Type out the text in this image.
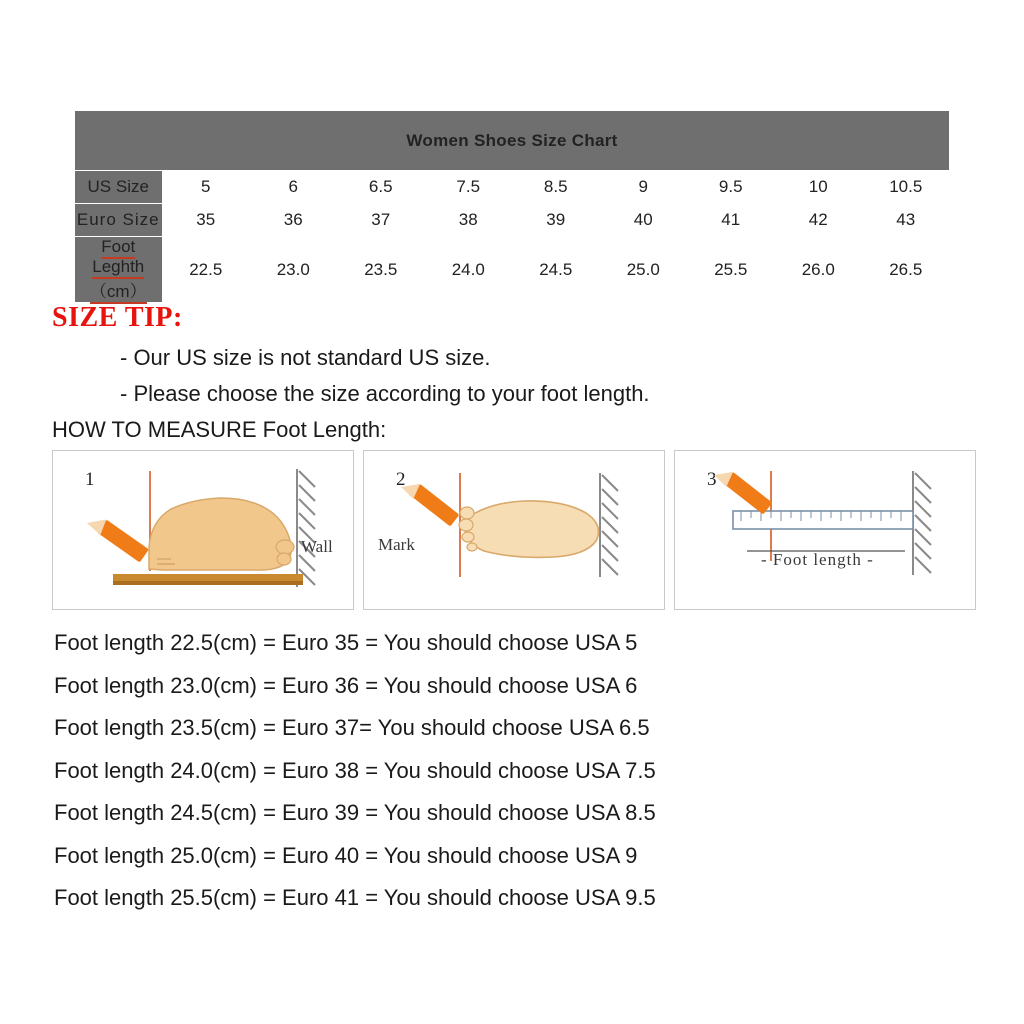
Women Shoes Size Chart									
US Size	5	6	6.5	7.5	8.5	9	9.5	10	10.5
Euro Size	35	36	37	38	39	40	41	42	43
Foot Leghth（cm）	22.5	23.0	23.5	24.0	24.5	25.0	25.5	26.0	26.5
SIZE TIP:
- Our US size is not standard US size.
- Please choose the size according to your foot length.
HOW TO MEASURE Foot Length:
1
Wall
2
Mark
3
- Foot length -
Foot length 22.5(cm) = Euro 35 = You should choose USA 5
Foot length 23.0(cm) = Euro 36 = You should choose USA 6
Foot length 23.5(cm) = Euro 37= You should choose USA 6.5
Foot length 24.0(cm) = Euro 38 = You should choose USA 7.5
Foot length 24.5(cm) = Euro 39 = You should choose USA 8.5
Foot length 25.0(cm) = Euro 40 = You should choose USA 9
Foot length 25.5(cm) = Euro 41 = You should choose USA 9.5
